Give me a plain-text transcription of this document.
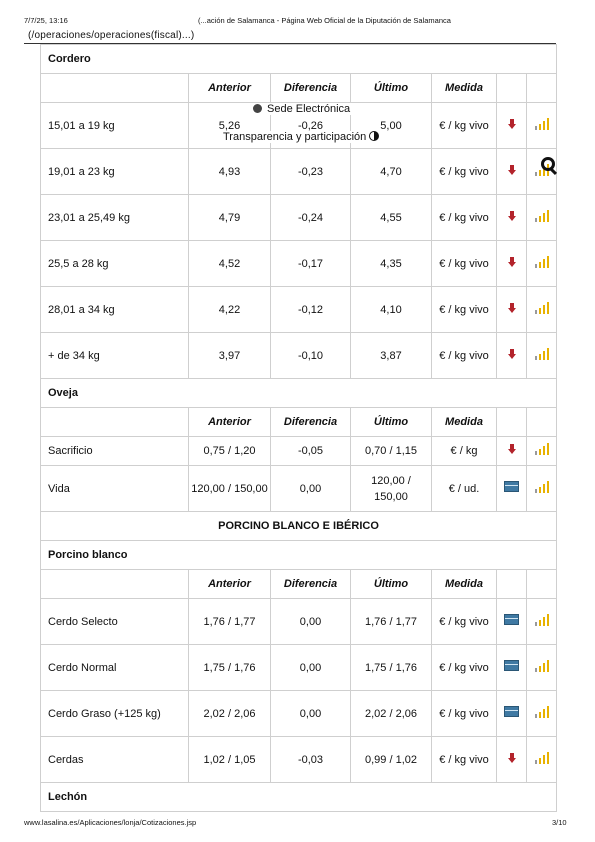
7/7/25, 13:16	(...ación de Salamanca - Página Web Oficial de la Diputación de Salamanca
(/operaciones/operaciones(fiscal)...)
Cordero						
	Anterior	Diferencia	Último	Medida		
15,01 a 19 kg	5,26	-0,26	5,00	€ / kg vivo		

19,01 a 23 kg	4,93	-0,23	4,70	€ / kg vivo		

23,01 a 25,49 kg	4,79	-0,24	4,55	€ / kg vivo		

25,5 a 28 kg	4,52	-0,17	4,35	€ / kg vivo		

28,01 a 34 kg	4,22	-0,12	4,10	€ / kg vivo		

+ de 34 kg	3,97	-0,10	3,87	€ / kg vivo		

Oveja						
	Anterior	Diferencia	Último	Medida		
Sacrificio	0,75 / 1,20	-0,05	0,70 / 1,15	€ / kg		

Vida	120,00 / 150,00	0,00	120,00 / 150,00	€ / ud.		

PORCINO BLANCO E IBÉRICO						
Porcino blanco						
	Anterior	Diferencia	Último	Medida		
Cerdo Selecto	1,76 / 1,77	0,00	1,76 / 1,77	€ / kg vivo		

Cerdo Normal	1,75 / 1,76	0,00	1,75 / 1,76	€ / kg vivo		

Cerdo Graso (+125 kg)	2,02 / 2,06	0,00	2,02 / 2,06	€ / kg vivo		

Cerdas	1,02 / 1,05	-0,03	0,99 / 1,02	€ / kg vivo		

Lechón						
Sede Electrónica
Transparencia y participación
www.lasalina.es/Aplicaciones/lonja/Cotizaciones.jsp	3/10
